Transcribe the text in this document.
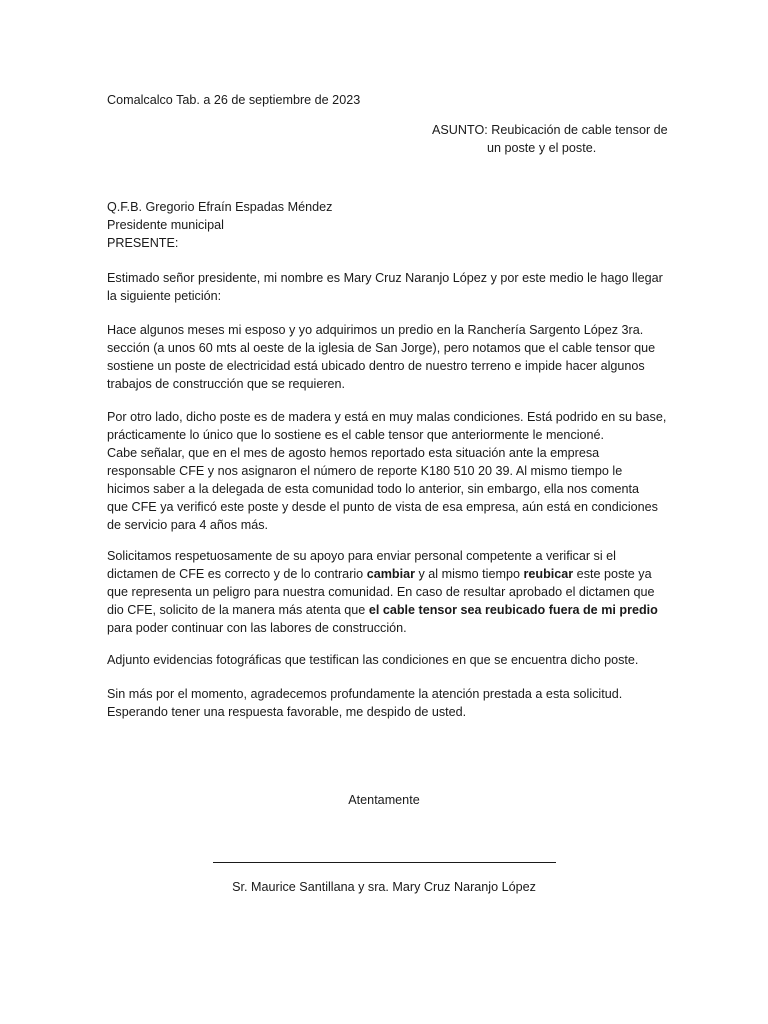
Comalcalco Tab. a 26 de septiembre de 2023
ASUNTO: Reubicación de cable tensor de
un poste y el poste.
Q.F.B. Gregorio Efraín Espadas Méndez
Presidente municipal
PRESENTE:
Estimado señor presidente, mi nombre es Mary Cruz Naranjo López y por este medio le hago llegar
la siguiente petición:
Hace algunos meses mi esposo y yo adquirimos un predio en la Ranchería Sargento López 3ra.
sección (a unos 60 mts al oeste de la iglesia de San Jorge), pero notamos que el cable tensor que
sostiene un poste de electricidad está ubicado dentro de nuestro terreno e impide hacer algunos
trabajos de construcción que se requieren.
Por otro lado, dicho poste es de madera y está en muy malas condiciones. Está podrido en su base,
prácticamente lo único que lo sostiene es el cable tensor que anteriormente le mencioné.
Cabe señalar, que en el mes de agosto hemos reportado esta situación ante la empresa
responsable CFE y nos asignaron el número de reporte K180 510 20 39. Al mismo tiempo le
hicimos saber a la delegada de esta comunidad todo lo anterior, sin embargo, ella nos comenta
que CFE ya verificó este poste y desde el punto de vista de esa empresa, aún está en condiciones
de servicio para 4 años más.
Solicitamos respetuosamente de su apoyo para enviar personal competente a verificar si el
dictamen de CFE es correcto y de lo contrario cambiar y al mismo tiempo reubicar este poste ya
que representa un peligro para nuestra comunidad. En caso de resultar aprobado el dictamen que
dio CFE, solicito de la manera más atenta que el cable tensor sea reubicado fuera de mi predio
para poder continuar con las labores de construcción.
Adjunto evidencias fotográficas que testifican las condiciones en que se encuentra dicho poste.
Sin más por el momento, agradecemos profundamente la atención prestada a esta solicitud.
Esperando tener una respuesta favorable, me despido de usted.
Atentamente
Sr. Maurice Santillana y sra. Mary Cruz Naranjo López
